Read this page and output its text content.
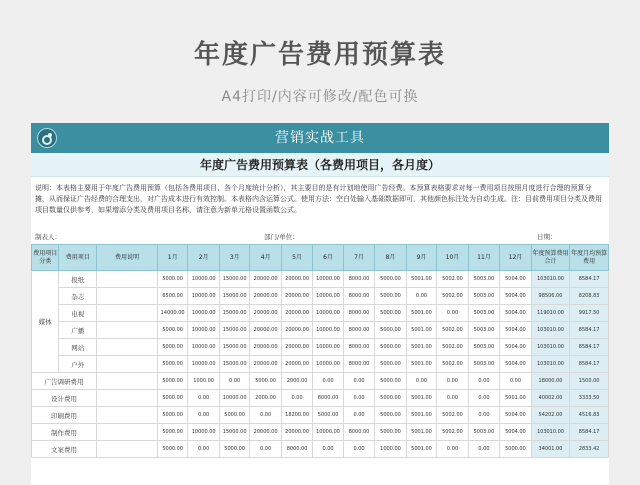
年度广告费用预算表
A4打印/内容可修改/配色可换
营销实战工具
年度广告费用预算表（各费用项目，各月度）
说明：本表格主要用于年度广告费用预算（包括各费用项目、各个月度统计分析），其主要目的是有计划地使用广告经费。本预算表格要求对每一费用项目按照月度进行合理的预算分摊，从而保证广告经费的合理支出，对广告成本进行有效控制。本表格内含运算公式。使用方法：空白处输入基础数据即可，其他颜色标注处为自动生成。注：目前费用项目分类及费用项目数量仅供参考，如果增添分类及费用项目名称，请注意为新单元格设置函数公式。
制表人：	部门/单位：	日期：
费用项目分类	费用项目	费用说明	1月	2月	3月	4月	5月	6月	7月	8月	9月	10月	11月	12月	年度预算费用合计	年度月均预算费用
媒体	报纸		5000.00	10000.00	15000.00	20000.00	20000.00	10000.00	8000.00	5000.00	5001.00	5002.00	5003.00	5004.00	103010.00	8584.17
	杂志		6500.00	10000.00	15000.00	20000.00	20000.00	10000.00	8000.00	5000.00	0.00	5002.00	5003.00	5004.00	98506.00	8208.83
	电视		14000.00	10000.00	15000.00	20000.00	20000.00	10000.00	8000.00	5000.00	5001.00	0.00	5003.00	5004.00	119010.00	9917.50
	广播		5000.00	10000.00	15000.00	20000.00	20000.00	10000.00	8000.00	5000.00	5001.00	5002.00	5003.00	5004.00	103010.00	8584.17
	网站		5000.00	10000.00	15000.00	20000.00	20000.00	10000.00	8000.00	5000.00	5001.00	5002.00	5003.00	5004.00	103010.00	8584.17
	户外		5000.00	10000.00	15000.00	20000.00	20000.00	10000.00	8000.00	5000.00	5001.00	5002.00	5003.00	5004.00	103010.00	8584.17
广告调研费用			5000.00	1000.00	0.00	5000.00	2000.00	0.00	0.00	5000.00	0.00	0.00	0.00	0.00	18000.00	1500.00
设计费用			5000.00	0.00	10000.00	2000.00	0.00	8000.00	0.00	5000.00	5001.00	0.00	0.00	5001.00	40002.00	3333.50
印刷费用			5000.00	0.00	5000.00	0.00	18200.00	5000.00	0.00	5000.00	5001.00	5002.00	0.00	5004.00	54202.00	4516.83
制作费用			5000.00	10000.00	15000.00	20000.00	20000.00	10000.00	8000.00	5000.00	5001.00	5002.00	5003.00	5004.00	103010.00	8584.17
文案费用			5000.00	0.00	5000.00	0.00	8000.00	0.00	0.00	1000.00	5001.00	0.00	0.00	5000.00	34001.00	2833.42
